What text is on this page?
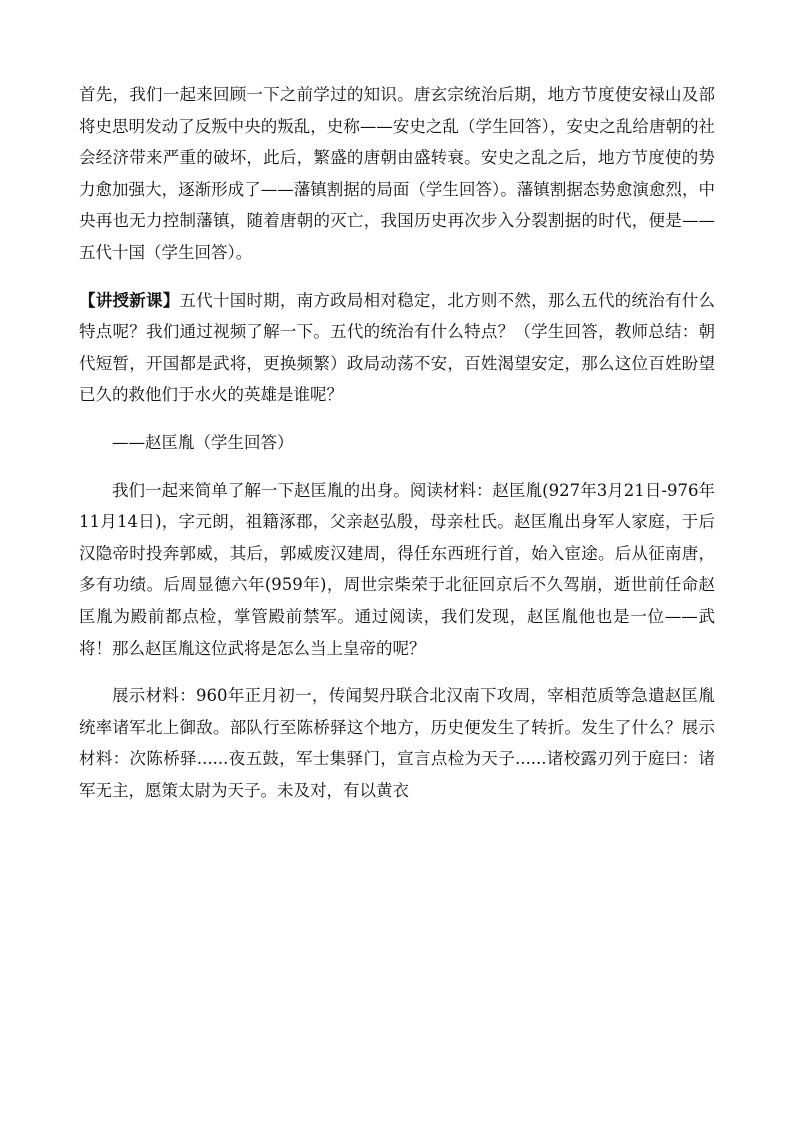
首先，我们一起来回顾一下之前学过的知识。唐玄宗统治后期，地方节度使安禄山及部将史思明发动了反叛中央的叛乱，史称——安史之乱（学生回答），安史之乱给唐朝的社会经济带来严重的破坏，此后，繁盛的唐朝由盛转衰。安史之乱之后，地方节度使的势力愈加强大，逐渐形成了——藩镇割据的局面（学生回答）。藩镇割据态势愈演愈烈，中央再也无力控制藩镇，随着唐朝的灭亡，我国历史再次步入分裂割据的时代，便是——五代十国（学生回答）。

【讲授新课】五代十国时期，南方政局相对稳定，北方则不然，那么五代的统治有什么特点呢？我们通过视频了解一下。五代的统治有什么特点？（学生回答，教师总结：朝代短暂，开国都是武将，更换频繁）政局动荡不安，百姓渴望安定，那么这位百姓盼望已久的救他们于水火的英雄是谁呢？

——赵匡胤（学生回答）

我们一起来简单了解一下赵匡胤的出身。阅读材料：赵匡胤(927年3月21日-976年11月14日)，字元朗，祖籍涿郡，父亲赵弘殷，母亲杜氏。赵匡胤出身军人家庭，于后汉隐帝时投奔郭威，其后，郭威废汉建周，得任东西班行首，始入宦途。后从征南唐，多有功绩。后周显德六年(959年)，周世宗柴荣于北征回京后不久驾崩，逝世前任命赵匡胤为殿前都点检，掌管殿前禁军。通过阅读，我们发现，赵匡胤他也是一位——武将！那么赵匡胤这位武将是怎么当上皇帝的呢？

展示材料：960年正月初一，传闻契丹联合北汉南下攻周，宰相范质等急遣赵匡胤统率诸军北上御敌。部队行至陈桥驿这个地方，历史便发生了转折。发生了什么？展示材料：次陈桥驿......夜五鼓，军士集驿门，宣言点检为天子......诸校露刃列于庭曰：诸军无主，愿策太尉为天子。未及对，有以黄衣
